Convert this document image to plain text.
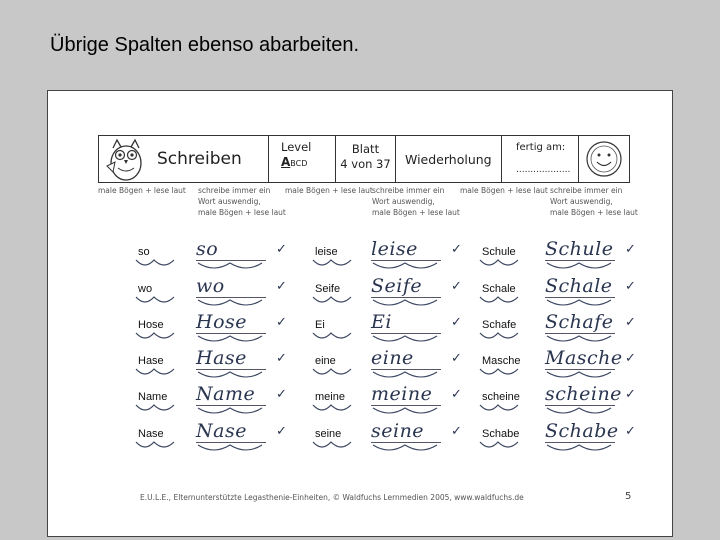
Übrige Spalten ebenso abarbeiten.
Schreiben
Level
ABCD
Blatt
4 von 37	Wiederholung
fertig am:
...................
male Bögen + lese laut schreibe immer ein
Wort auswendig,
male Bögen + lese laut
male Bögen + lese laut schreibe immer ein
Wort auswendig,
male Bögen + lese laut
male Bögen + lese laut schreibe immer ein
Wort auswendig,
male Bögen + lese laut
so so	✓
wo wo	✓
Hose Hose ✓
Hase Hase ✓
Name Name ✓
Nase Nase ✓
leise leise	✓
Seife Seife ✓
Ei Ei	✓
eine eine	✓
meine meine ✓
seine seine ✓
Schule Schule ✓
Schale Schale ✓
Schafe Schafe ✓
Masche Masche ✓
scheine scheine ✓
Schabe Schabe ✓
E.U.L.E., Elternunterstützte Legasthenie-Einheiten, © Waldfuchs Lernmedien 2005, www.waldfuchs.de	5
